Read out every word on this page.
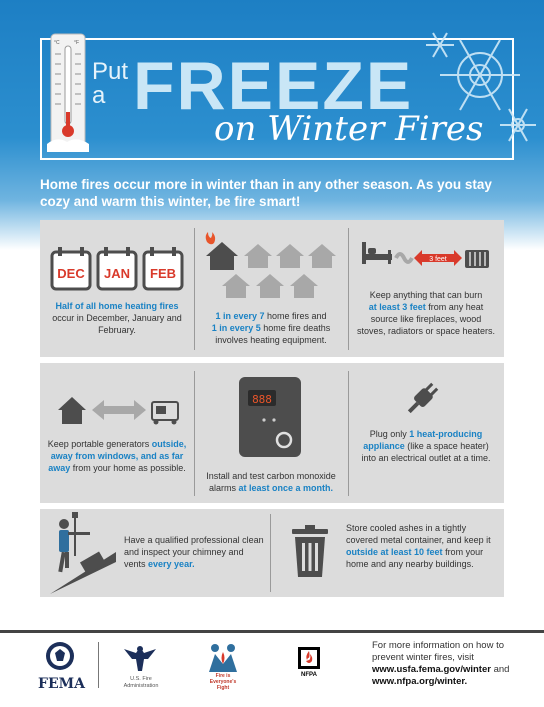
°C	°F
Put
a FREEZE
on Winter Fires
Home fires occur more in winter than in any other season. As you stay cozy and warm this winter, be fire smart!
DEC JAN FEB
Half of all home heating fires
occur in December, January and February.
1 in every 7 home fires and
1 in every 5 home fire deaths involves heating equipment.
3 feet
Keep anything that can burn
at least 3 feet from any heat source like fireplaces, wood stoves, radiators or space heaters.
Keep portable generators outside, away from windows, and as far away from your home as possible.
888
Install and test carbon monoxide alarms at least once a month.
Plug only 1 heat-producing appliance (like a space heater) into an electrical outlet at a time.
Have a qualified professional clean and inspect your chimney and vents every year.
Store cooled ashes in a tightly covered metal container, and keep it outside at least 10 feet from your home and any nearby buildings.
FEMA	U.S. Fire Administration
Fire is Everyone's Fight
NFPA
For more information on how to prevent winter fires, visit www.usfa.fema.gov/winter and www.nfpa.org/winter.
